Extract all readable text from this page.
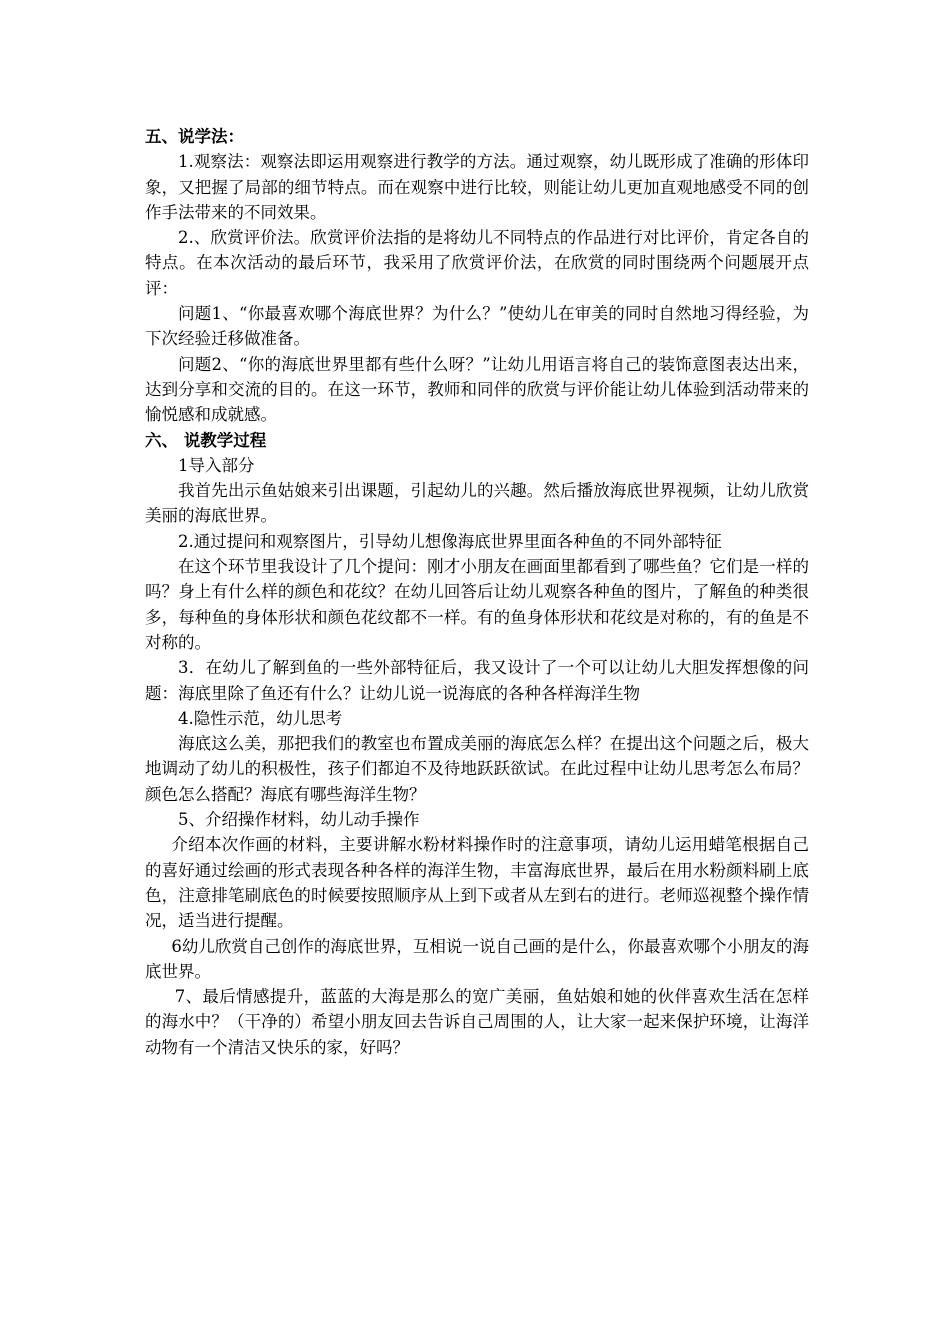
五、说学法：
1.观察法：观察法即运用观察进行教学的方法。通过观察，幼儿既形成了准确的形体印象，又把握了局部的细节特点。而在观察中进行比较，则能让幼儿更加直观地感受不同的创作手法带来的不同效果。
2.、欣赏评价法。欣赏评价法指的是将幼儿不同特点的作品进行对比评价，肯定各自的特点。在本次活动的最后环节，我采用了欣赏评价法，在欣赏的同时围绕两个问题展开点评：
问题1、“你最喜欢哪个海底世界？为什么？”使幼儿在审美的同时自然地习得经验，为下次经验迁移做准备。
问题2、“你的海底世界里都有些什么呀？”让幼儿用语言将自己的装饰意图表达出来，达到分享和交流的目的。在这一环节，教师和同伴的欣赏与评价能让幼儿体验到活动带来的愉悦感和成就感。
六、 说教学过程
1导入部分
我首先出示鱼姑娘来引出课题，引起幼儿的兴趣。然后播放海底世界视频，让幼儿欣赏美丽的海底世界。
2.通过提问和观察图片，引导幼儿想像海底世界里面各种鱼的不同外部特征
在这个环节里我设计了几个提问：刚才小朋友在画面里都看到了哪些鱼？它们是一样的吗？身上有什么样的颜色和花纹？在幼儿回答后让幼儿观察各种鱼的图片，了解鱼的种类很多，每种鱼的身体形状和颜色花纹都不一样。有的鱼身体形状和花纹是对称的，有的鱼是不对称的。
3．在幼儿了解到鱼的一些外部特征后，我又设计了一个可以让幼儿大胆发挥想像的问题：海底里除了鱼还有什么？让幼儿说一说海底的各种各样海洋生物
4.隐性示范，幼儿思考
海底这么美，那把我们的教室也布置成美丽的海底怎么样？在提出这个问题之后，极大地调动了幼儿的积极性，孩子们都迫不及待地跃跃欲试。在此过程中让幼儿思考怎么布局？颜色怎么搭配？海底有哪些海洋生物？
5、介绍操作材料，幼儿动手操作
介绍本次作画的材料，主要讲解水粉材料操作时的注意事项，请幼儿运用蜡笔根据自己的喜好通过绘画的形式表现各种各样的海洋生物，丰富海底世界，最后在用水粉颜料刷上底色，注意排笔刷底色的时候要按照顺序从上到下或者从左到右的进行。老师巡视整个操作情况，适当进行提醒。
6幼儿欣赏自己创作的海底世界，互相说一说自己画的是什么，你最喜欢哪个小朋友的海底世界。
7、最后情感提升，蓝蓝的大海是那么的宽广美丽，鱼姑娘和她的伙伴喜欢生活在怎样的海水中？（干净的）希望小朋友回去告诉自己周围的人，让大家一起来保护环境，让海洋动物有一个清洁又快乐的家，好吗？
